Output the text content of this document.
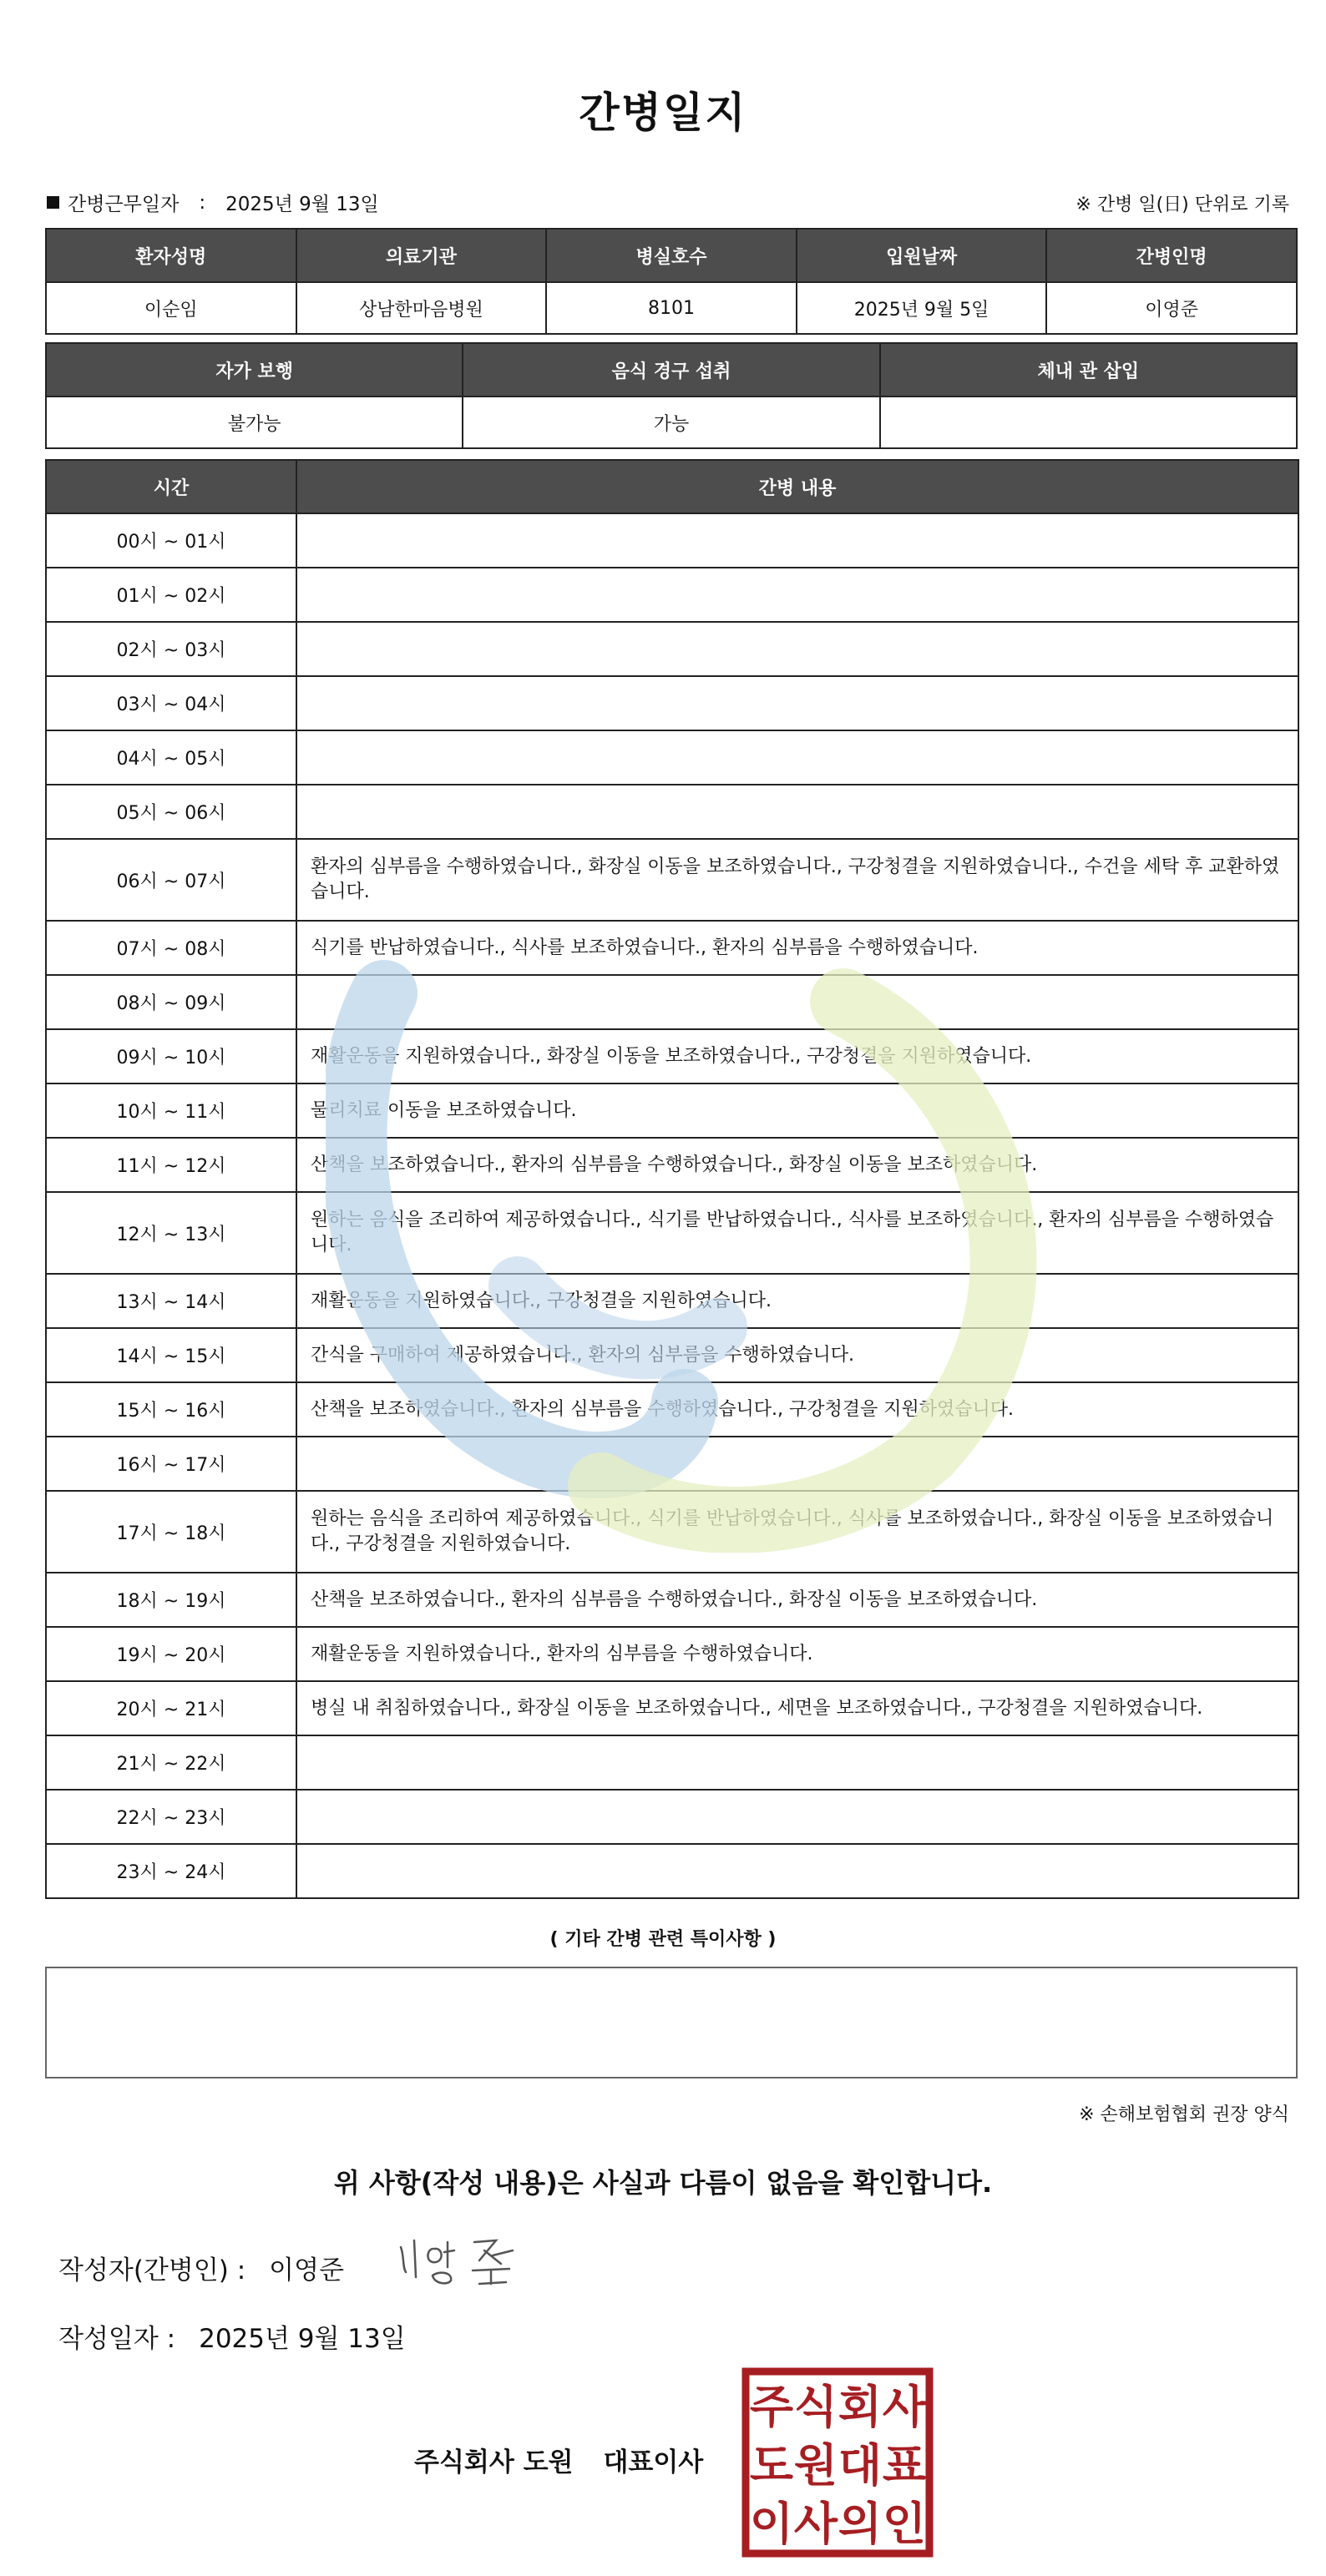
간병일지
간병근무일자 : 2025년 9월 13일	※ 간병 일(日) 단위로 기록
환자성명	의료기관	병실호수	입원날짜	간병인명
이순임	상남한마음병원	8101	2025년 9월 5일	이영준
자가 보행	음식 경구 섭취	체내 관 삽입
불가능	가능	
시간	간병 내용
00시 ~ 01시	
01시 ~ 02시	
02시 ~ 03시	
03시 ~ 04시	
04시 ~ 05시	
05시 ~ 06시	
06시 ~ 07시	환자의 심부름을 수행하였습니다., 화장실 이동을 보조하였습니다., 구강청결을 지원하였습니다., 수건을 세탁 후 교환하였습니다.
07시 ~ 08시	식기를 반납하였습니다., 식사를 보조하였습니다., 환자의 심부름을 수행하였습니다.
08시 ~ 09시	
09시 ~ 10시	재활운동을 지원하였습니다., 화장실 이동을 보조하였습니다., 구강청결을 지원하였습니다.
10시 ~ 11시	물리치료 이동을 보조하였습니다.
11시 ~ 12시	산책을 보조하였습니다., 환자의 심부름을 수행하였습니다., 화장실 이동을 보조하였습니다.
12시 ~ 13시	원하는 음식을 조리하여 제공하였습니다., 식기를 반납하였습니다., 식사를 보조하였습니다., 환자의 심부름을 수행하였습니다.
13시 ~ 14시	재활운동을 지원하였습니다., 구강청결을 지원하였습니다.
14시 ~ 15시	간식을 구매하여 제공하였습니다., 환자의 심부름을 수행하였습니다.
15시 ~ 16시	산책을 보조하였습니다., 환자의 심부름을 수행하였습니다., 구강청결을 지원하였습니다.
16시 ~ 17시	
17시 ~ 18시	원하는 음식을 조리하여 제공하였습니다., 식기를 반납하였습니다., 식사를 보조하였습니다., 화장실 이동을 보조하였습니다., 구강청결을 지원하였습니다.
18시 ~ 19시	산책을 보조하였습니다., 환자의 심부름을 수행하였습니다., 화장실 이동을 보조하였습니다.
19시 ~ 20시	재활운동을 지원하였습니다., 환자의 심부름을 수행하였습니다.
20시 ~ 21시	병실 내 취침하였습니다., 화장실 이동을 보조하였습니다., 세면을 보조하였습니다., 구강청결을 지원하였습니다.
21시 ~ 22시	
22시 ~ 23시	
23시 ~ 24시	
( 기타 간병 관련 특이사항 )
※ 손해보험협회 권장 양식
위 사항(작성 내용)은 사실과 다름이 없음을 확인합니다.
작성자(간병인) : 이영준
작성일자 : 2025년 9월 13일
주식회사 도원 대표이사
주 식 회 사
도 원 대 표
이 사 의 인
